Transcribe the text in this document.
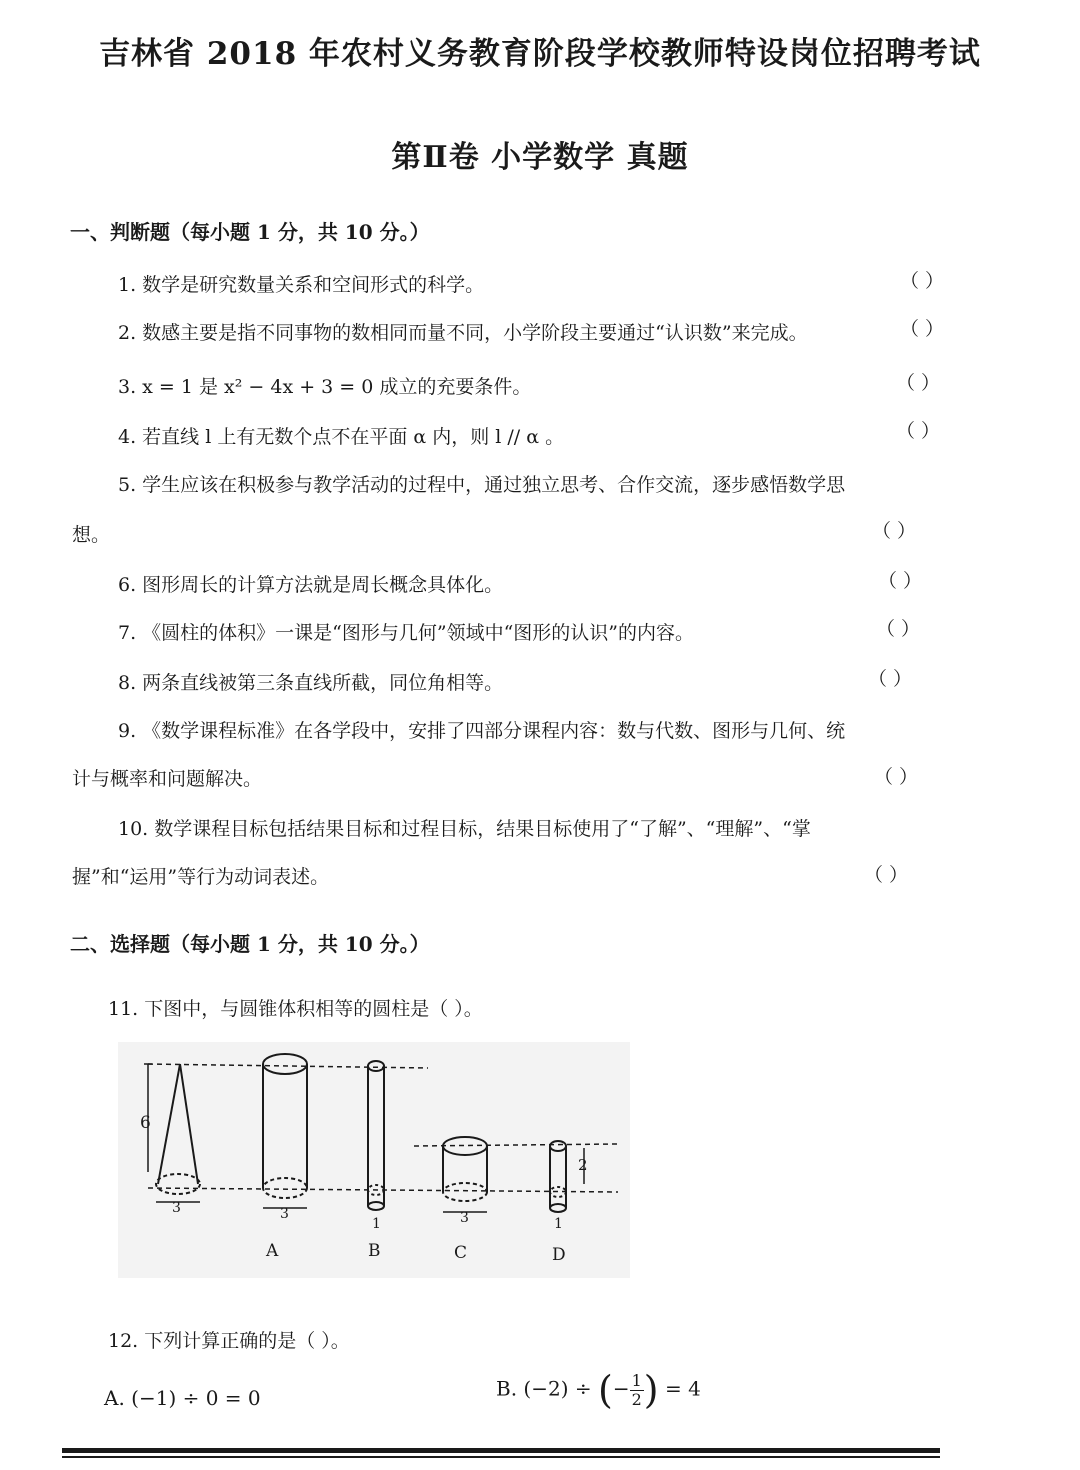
吉林省 2018 年农村义务教育阶段学校教师特设岗位招聘考试
第Ⅱ卷 小学数学 真题
一、判断题（每小题 1 分，共 10 分。）
1. 数学是研究数量关系和空间形式的科学。	（ ）
2. 数感主要是指不同事物的数相同而量不同，小学阶段主要通过“认识数”来完成。	（ ）
3. x = 1 是 x² − 4x + 3 = 0 成立的充要条件。	（ ）
4. 若直线 l 上有无数个点不在平面 α 内，则 l // α 。	（ ）
5. 学生应该在积极参与教学活动的过程中，通过独立思考、合作交流，逐步感悟数学思
想。	（ ）
6. 图形周长的计算方法就是周长概念具体化。	（ ）
7. 《圆柱的体积》一课是“图形与几何”领域中“图形的认识”的内容。	（ ）
8. 两条直线被第三条直线所截，同位角相等。	（ ）
9. 《数学课程标准》在各学段中，安排了四部分课程内容：数与代数、图形与几何、统
计与概率和问题解决。	（ ）
10. 数学课程目标包括结果目标和过程目标，结果目标使用了“了解”、“理解”、“掌
握”和“运用”等行为动词表述。	（ ）
二、选择题（每小题 1 分，共 10 分。）
11. 下图中，与圆锥体积相等的圆柱是（ ）。
6
3	3
1	3	1
2
A	B	C	D
12. 下列计算正确的是（ ）。
A. (−1) ÷ 0 = 0	B. (−2) ÷ (− $\frac{1}{2}$ ) = 4
